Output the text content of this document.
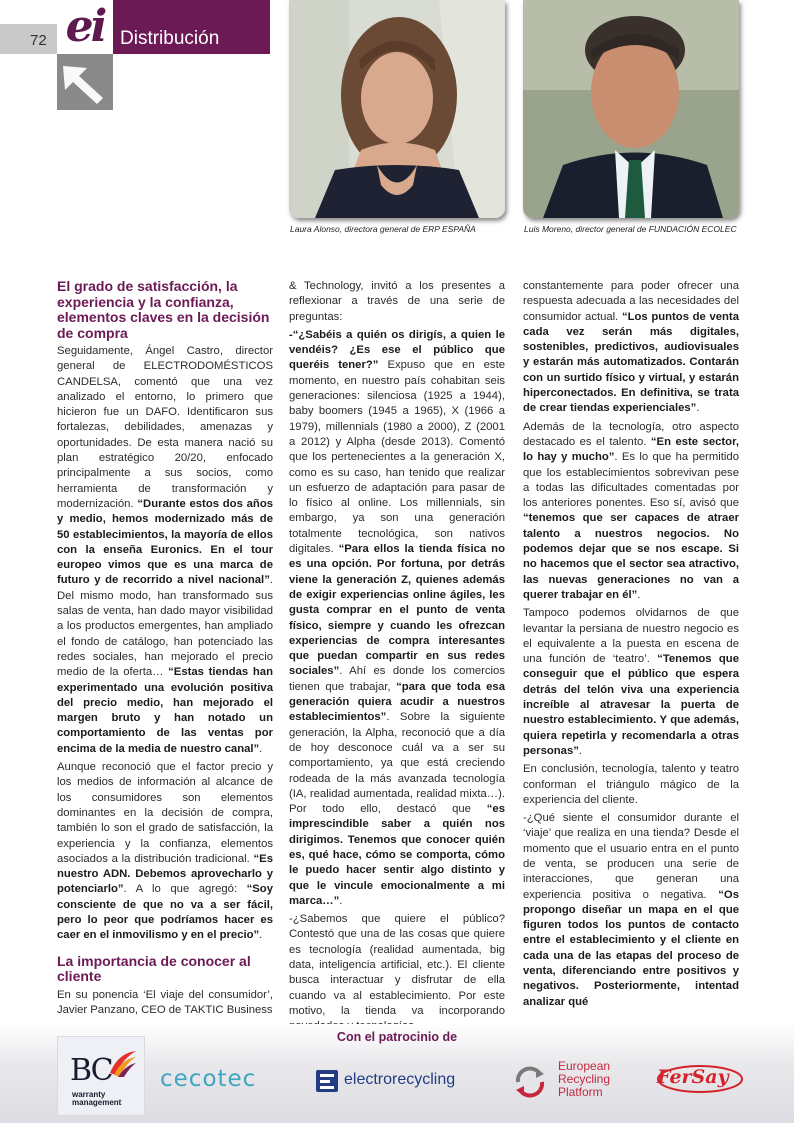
72 ei Distribución
Laura Alonso, directora general de ERP ESPAÑA	Luis Moreno, director general de FUNDACIÓN ECOLEC
El grado de satisfacción, la experiencia y la confianza, elementos claves en la decisión de compra

Seguidamente, Ángel Castro, director general de ELECTRODOMÉSTICOS CANDELSA, comentó que una vez analizado el entorno, lo primero que hicieron fue un DAFO. Identificaron sus fortalezas, debilidades, amenazas y oportunidades. De esta manera nació su plan estratégico 20/20, enfocado principalmente a sus socios, como herramienta de transformación y modernización. “Durante estos dos años y medio, hemos modernizado más de 50 establecimientos, la mayoría de ellos con la enseña Euronics. En el tour europeo vimos que es una marca de futuro y de recorrido a nivel nacional”. Del mismo modo, han transformado sus salas de venta, han dado mayor visibilidad a los productos emergentes, han ampliado el fondo de catálogo, han potenciado las redes sociales, han mejorado el precio medio de la oferta… “Estas tiendas han experimentado una evolución positiva del precio medio, han mejorado el margen bruto y han notado un comportamiento de las ventas por encima de la media de nuestro canal”.

Aunque reconoció que el factor precio y los medios de información al alcance de los consumidores son elementos dominantes en la decisión de compra, también lo son el grado de satisfacción, la experiencia y la confianza, elementos asociados a la distribución tradicional. “Es nuestro ADN. Debemos aprovecharlo y potenciarlo”. A lo que agregó: “Soy consciente de que no va a ser fácil, pero lo peor que podríamos hacer es caer en el inmovilismo y en el precio”.

La importancia de conocer al cliente

En su ponencia ‘El viaje del consumidor’, Javier Panzano, CEO de TAKTIC Business

& Technology, invitó a los presentes a reflexionar a través de una serie de preguntas:

-“¿Sabéis a quién os dirigís, a quien le vendéis? ¿Es ese el público que queréis tener?” Expuso que en este momento, en nuestro país cohabitan seis generaciones: silenciosa (1925 a 1944), baby boomers (1945 a 1965), X (1966 a 1979), millennials (1980 a 2000), Z (2001 a 2012) y Alpha (desde 2013). Comentó que los pertenecientes a la generación X, como es su caso, han tenido que realizar un esfuerzo de adaptación para pasar de lo físico al online. Los millennials, sin embargo, ya son una generación totalmente tecnológica, son nativos digitales. “Para ellos la tienda física no es una opción. Por fortuna, por detrás viene la generación Z, quienes además de exigir experiencias online ágiles, les gusta comprar en el punto de venta físico, siempre y cuando les ofrezcan experiencias de compra interesantes que puedan compartir en sus redes sociales”. Ahí es donde los comercios tienen que trabajar, “para que toda esa generación quiera acudir a nuestros establecimientos”. Sobre la siguiente generación, la Alpha, reconoció que a día de hoy desconoce cuál va a ser su comportamiento, ya que está creciendo rodeada de la más avanzada tecnología (IA, realidad aumentada, realidad mixta…). Por todo ello, destacó que “es imprescindible saber a quién nos dirigimos. Tenemos que conocer quién es, qué hace, cómo se comporta, cómo le puedo hacer sentir algo distinto y que le vincule emocionalmente a mi marca…”.

-¿Sabemos que quiere el público? Contestó que una de las cosas que quiere es tecnología (realidad aumentada, big data, inteligencia artificial, etc.). El cliente busca interactuar y disfrutar de ella cuando va al establecimiento. Por este motivo, la tienda va incorporando

constantemente para poder ofrecer una respuesta adecuada a las necesidades del consumidor actual. “Los puntos de venta cada vez serán más digitales, sostenibles, predictivos, audiovisuales y estarán más automatizados. Contarán con un surtido físico y virtual, y estarán hiperconectados. En definitiva, se trata de crear tiendas experienciales”.

Además de la tecnología, otro aspecto destacado es el talento. “En este sector, lo hay y mucho”. Es lo que ha permitido que los establecimientos sobrevivan pese a todas las dificultades comentadas por los anteriores ponentes. Eso sí, avisó que “tenemos que ser capaces de atraer talento a nuestros negocios. No podemos dejar que se nos escape. Si no hacemos que el sector sea atractivo, las nuevas generaciones no van a querer trabajar en él”.

Tampoco podemos olvidarnos de que levantar la persiana de nuestro negocio es el equivalente a la puesta en escena de una función de ‘teatro’. “Tenemos que conseguir que el público que espera detrás del telón viva una experiencia increíble al atravesar la puerta de nuestro establecimiento. Y que además, quiera repetirla y recomendarla a otras personas”.

En conclusión, tecnología, talento y teatro conforman el triángulo mágico de la experiencia del cliente.

-¿Qué siente el consumidor durante el ‘viaje’ que realiza en una tienda? Desde el momento que el usuario entra en el punto de venta, se producen una serie de interacciones, que generan una experiencia positiva o negativa. “Os propongo diseñar un mapa en el que figuren todos los puntos de contacto entre el establecimiento y el cliente en cada una de las etapas del proceso de venta, diferenciando entre positivos y negativos. Posteriormente, intentad analizar qué

Con el patrocinio de
BC
warranty
management
cecotec	electrorecycling
European
Recycling
Platform
FerSay
